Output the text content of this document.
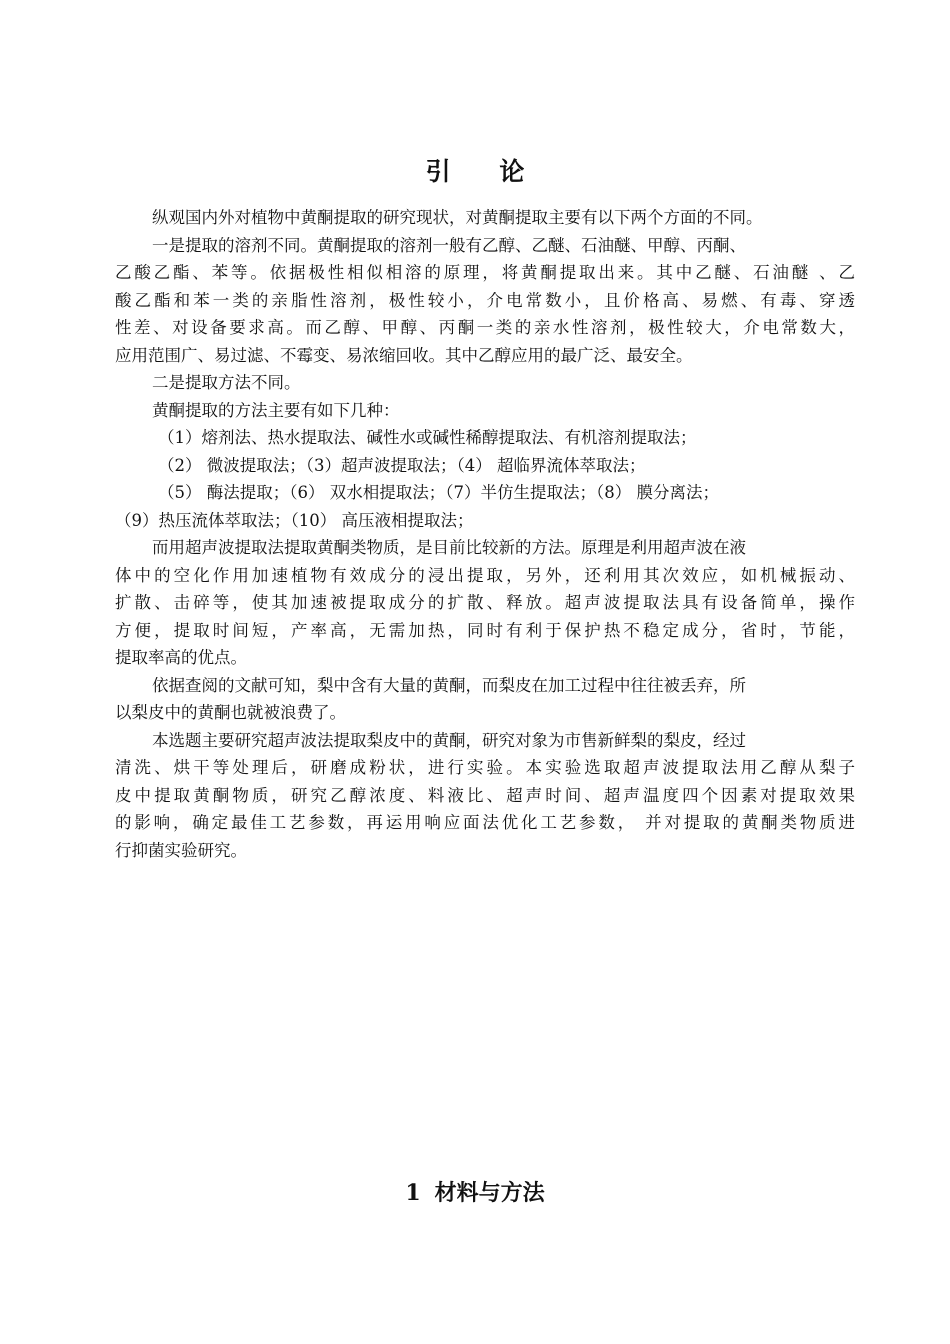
引 论
纵观国内外对植物中黄酮提取的研究现状，对黄酮提取主要有以下两个方面的不同。
一是提取的溶剂不同。黄酮提取的溶剂一般有乙醇、乙醚、石油醚、甲醇、丙酮、
乙酸乙酯、苯等。依据极性相似相溶的原理，将黄酮提取出来。其中乙醚、石油醚 、乙
酸乙酯和苯一类的亲脂性溶剂，极性较小，介电常数小，且价格高、易燃、有毒、穿透
性差、对设备要求高。而乙醇、甲醇、丙酮一类的亲水性溶剂，极性较大，介电常数大，
应用范围广、易过滤、不霉变、易浓缩回收。其中乙醇应用的最广泛、最安全。
二是提取方法不同。
黄酮提取的方法主要有如下几种：
（1）熔剂法、热水提取法、碱性水或碱性稀醇提取法、有机溶剂提取法；
（2） 微波提取法；（3）超声波提取法；（4） 超临界流体萃取法；
（5） 酶法提取；（6） 双水相提取法；（7）半仿生提取法；（8） 膜分离法；
（9）热压流体萃取法；（10） 高压液相提取法；
而用超声波提取法提取黄酮类物质，是目前比较新的方法。原理是利用超声波在液
体中的空化作用加速植物有效成分的浸出提取，另外，还利用其次效应，如机械振动、
扩散、击碎等，使其加速被提取成分的扩散、释放。超声波提取法具有设备简单，操作
方便，提取时间短，产率高，无需加热，同时有利于保护热不稳定成分，省时，节能，
提取率高的优点。
依据查阅的文献可知，梨中含有大量的黄酮，而梨皮在加工过程中往往被丢弃，所
以梨皮中的黄酮也就被浪费了。
本选题主要研究超声波法提取梨皮中的黄酮，研究对象为市售新鲜梨的梨皮，经过
清洗、烘干等处理后，研磨成粉状，进行实验。本实验选取超声波提取法用乙醇从梨子
皮中提取黄酮物质，研究乙醇浓度、料液比、超声时间、超声温度四个因素对提取效果
的影响，确定最佳工艺参数，再运用响应面法优化工艺参数， 并对提取的黄酮类物质进
行抑菌实验研究。
1 材料与方法
